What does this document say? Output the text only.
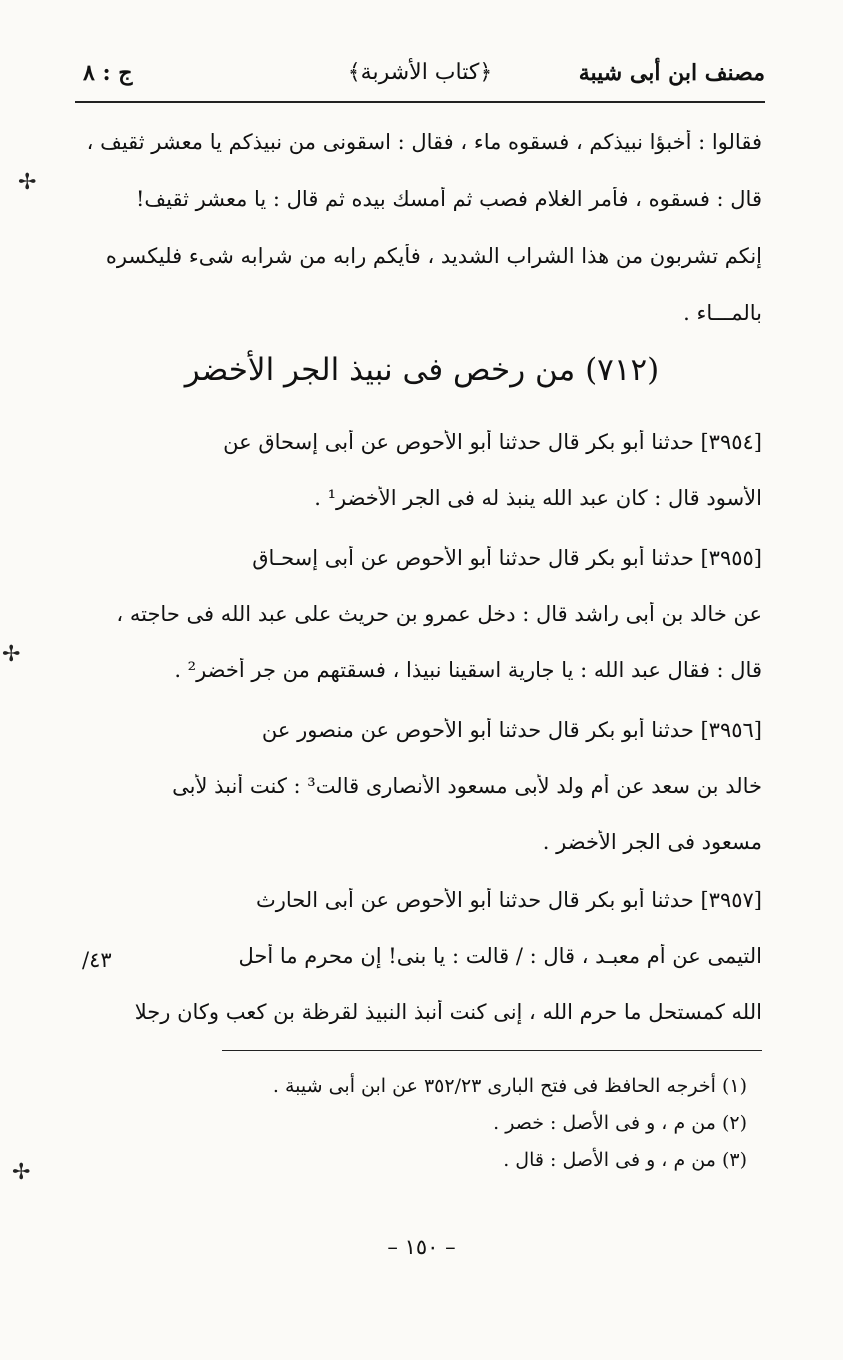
مصنف ابن أبى شيبة
﴿كتاب الأشربة﴾
ج : ٨
فقالوا : أخبؤا نبيذكم ، فسقوه ماء ، فقال : اسقونى من نبيذكم يا معشر ثقيف ،
قال : فسقوه ، فأمر الغلام فصب ثم أمسك بيده ثم قال : يا معشر ثقيف!
إنكم تشربون من هذا الشراب الشديد ، فأيكم رابه من شرابه شىء فليكسره
بالمـــاء .
(٧١٢) من رخص فى نبيذ الجر الأخضر
[٣٩٥٤] حدثنا أبو بكر قال حدثنا أبو الأحوص عن أبى إسحاق عن
الأسود قال : كان عبد الله ينبذ له فى الجر الأخضر¹ .
[٣٩٥٥] حدثنا أبو بكر قال حدثنا أبو الأحوص عن أبى إسحـاق
عن خالد بن أبى راشد قال : دخل عمرو بن حريث على عبد الله فى حاجته ،
قال : فقال عبد الله : يا جارية اسقينا نبيذا ، فسقتهم من جر أخضر² .
[٣٩٥٦] حدثنا أبو بكر قال حدثنا أبو الأحوص عن منصور عن
خالد بن سعد عن أم ولد لأبى مسعود الأنصارى قالت³ : كنت أنبذ لأبى
مسعود فى الجر الأخضر .
[٣٩٥٧] حدثنا أبو بكر قال حدثنا أبو الأحوص عن أبى الحارث
التيمى عن أم معبـد ، قال : / قالت : يا بنى! إن محرم ما أحل
الله كمستحل ما حرم الله ، إنى كنت أنبذ النبيذ لقرظة بن كعب وكان رجلا
(١) أخرجه الحافظ فى فتح البارى ٣٥٢/٢٣ عن ابن أبى شيبة .
(٢) من م ، و فى الأصل : خصر .
(٣) من م ، و فى الأصل : قال .
– ١٥٠ –
✢
✢
✢
٤٣/
